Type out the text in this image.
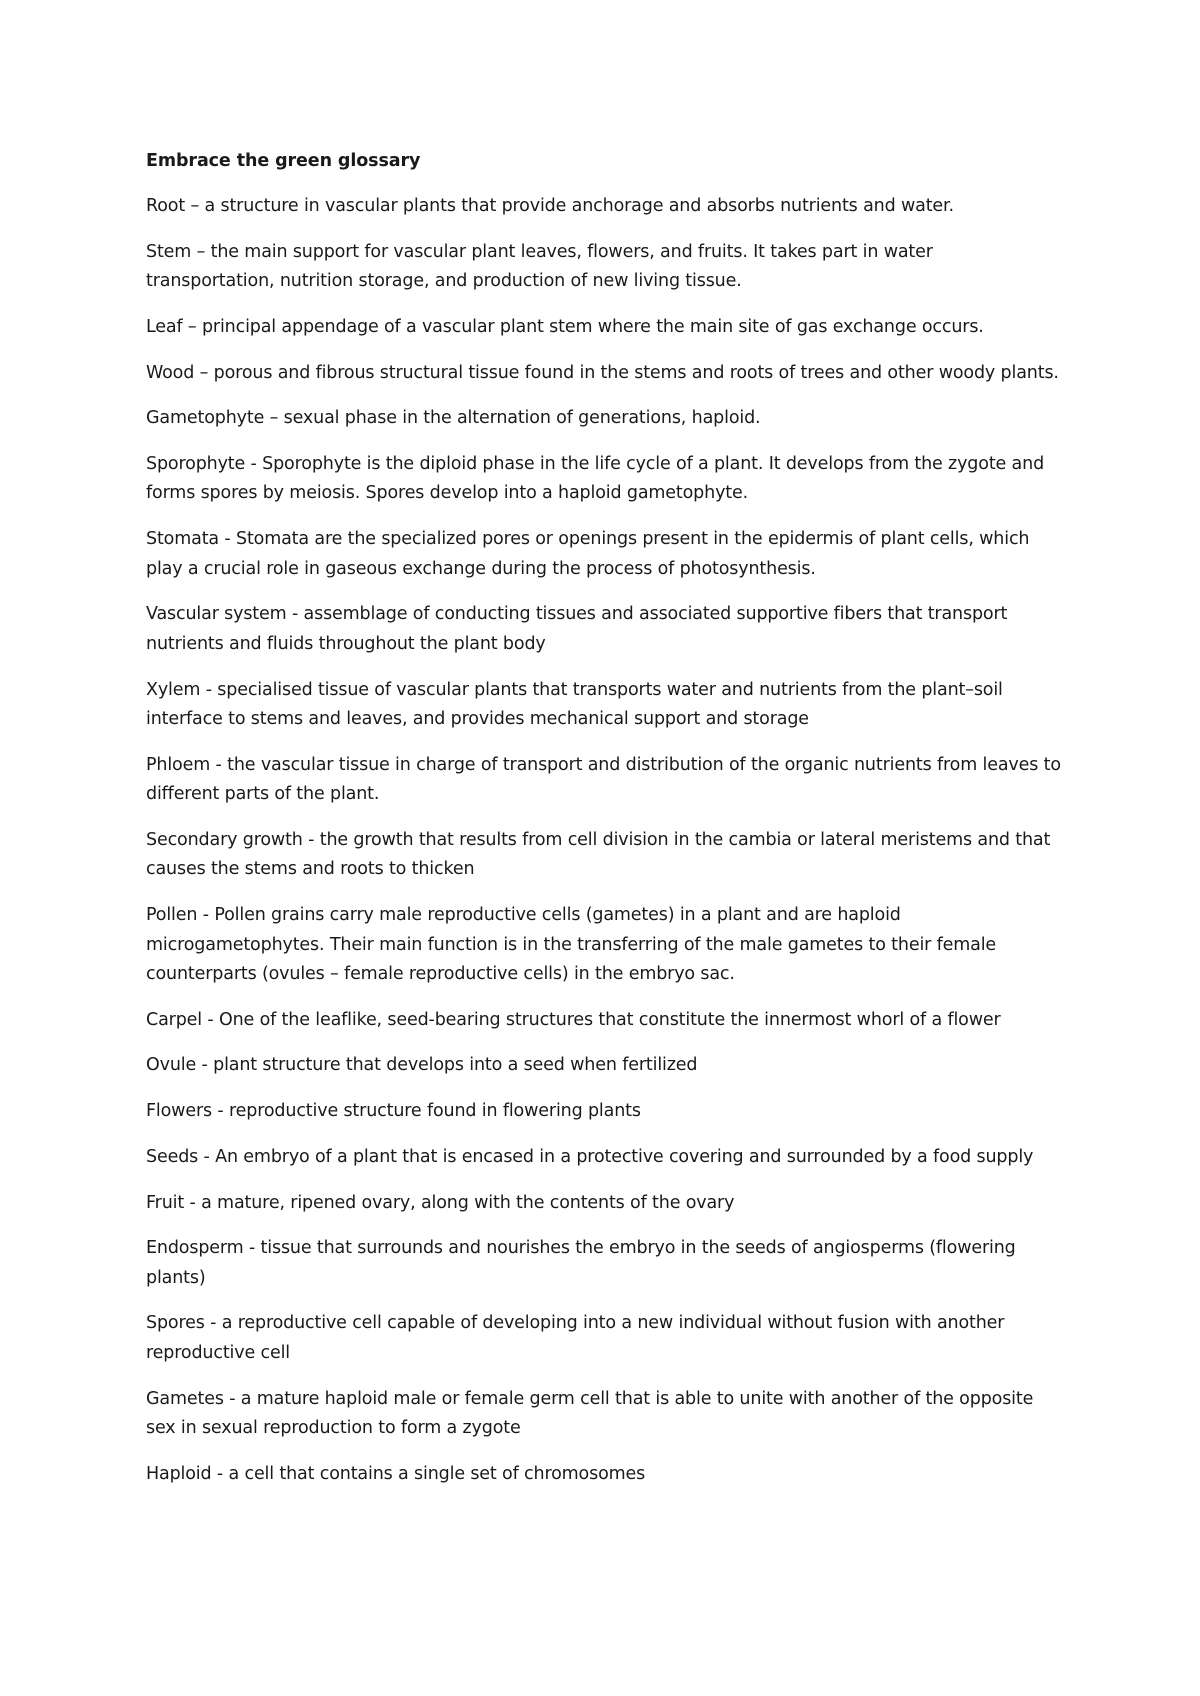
Embrace the green glossary
Root – a structure in vascular plants that provide anchorage and absorbs nutrients and water.
Stem – the main support for vascular plant leaves, flowers, and fruits. It takes part in water transportation, nutrition storage, and production of new living tissue.
Leaf – principal appendage of a vascular plant stem where the main site of gas exchange occurs.
Wood – porous and fibrous structural tissue found in the stems and roots of trees and other woody plants.
Gametophyte – sexual phase in the alternation of generations, haploid.
Sporophyte - Sporophyte is the diploid phase in the life cycle of a plant. It develops from the zygote and forms spores by meiosis. Spores develop into a haploid gametophyte.
Stomata - Stomata are the specialized pores or openings present in the epidermis of plant cells, which play a crucial role in gaseous exchange during the process of photosynthesis.
Vascular system - assemblage of conducting tissues and associated supportive fibers that transport nutrients and fluids throughout the plant body
Xylem - specialised tissue of vascular plants that transports water and nutrients from the plant–soil interface to stems and leaves, and provides mechanical support and storage
Phloem - the vascular tissue in charge of transport and distribution of the organic nutrients from leaves to different parts of the plant.
Secondary growth - the growth that results from cell division in the cambia or lateral meristems and that causes the stems and roots to thicken
Pollen - Pollen grains carry male reproductive cells (gametes) in a plant and are haploid microgametophytes. Their main function is in the transferring of the male gametes to their female counterparts (ovules – female reproductive cells) in the embryo sac.
Carpel - One of the leaflike, seed-bearing structures that constitute the innermost whorl of a flower
Ovule - plant structure that develops into a seed when fertilized
Flowers - reproductive structure found in flowering plants
Seeds - An embryo of a plant that is encased in a protective covering and surrounded by a food supply
Fruit - a mature, ripened ovary, along with the contents of the ovary
Endosperm - tissue that surrounds and nourishes the embryo in the seeds of angiosperms (flowering plants)
Spores - a reproductive cell capable of developing into a new individual without fusion with another reproductive cell
Gametes - a mature haploid male or female germ cell that is able to unite with another of the opposite sex in sexual reproduction to form a zygote
Haploid - a cell that contains a single set of chromosomes
